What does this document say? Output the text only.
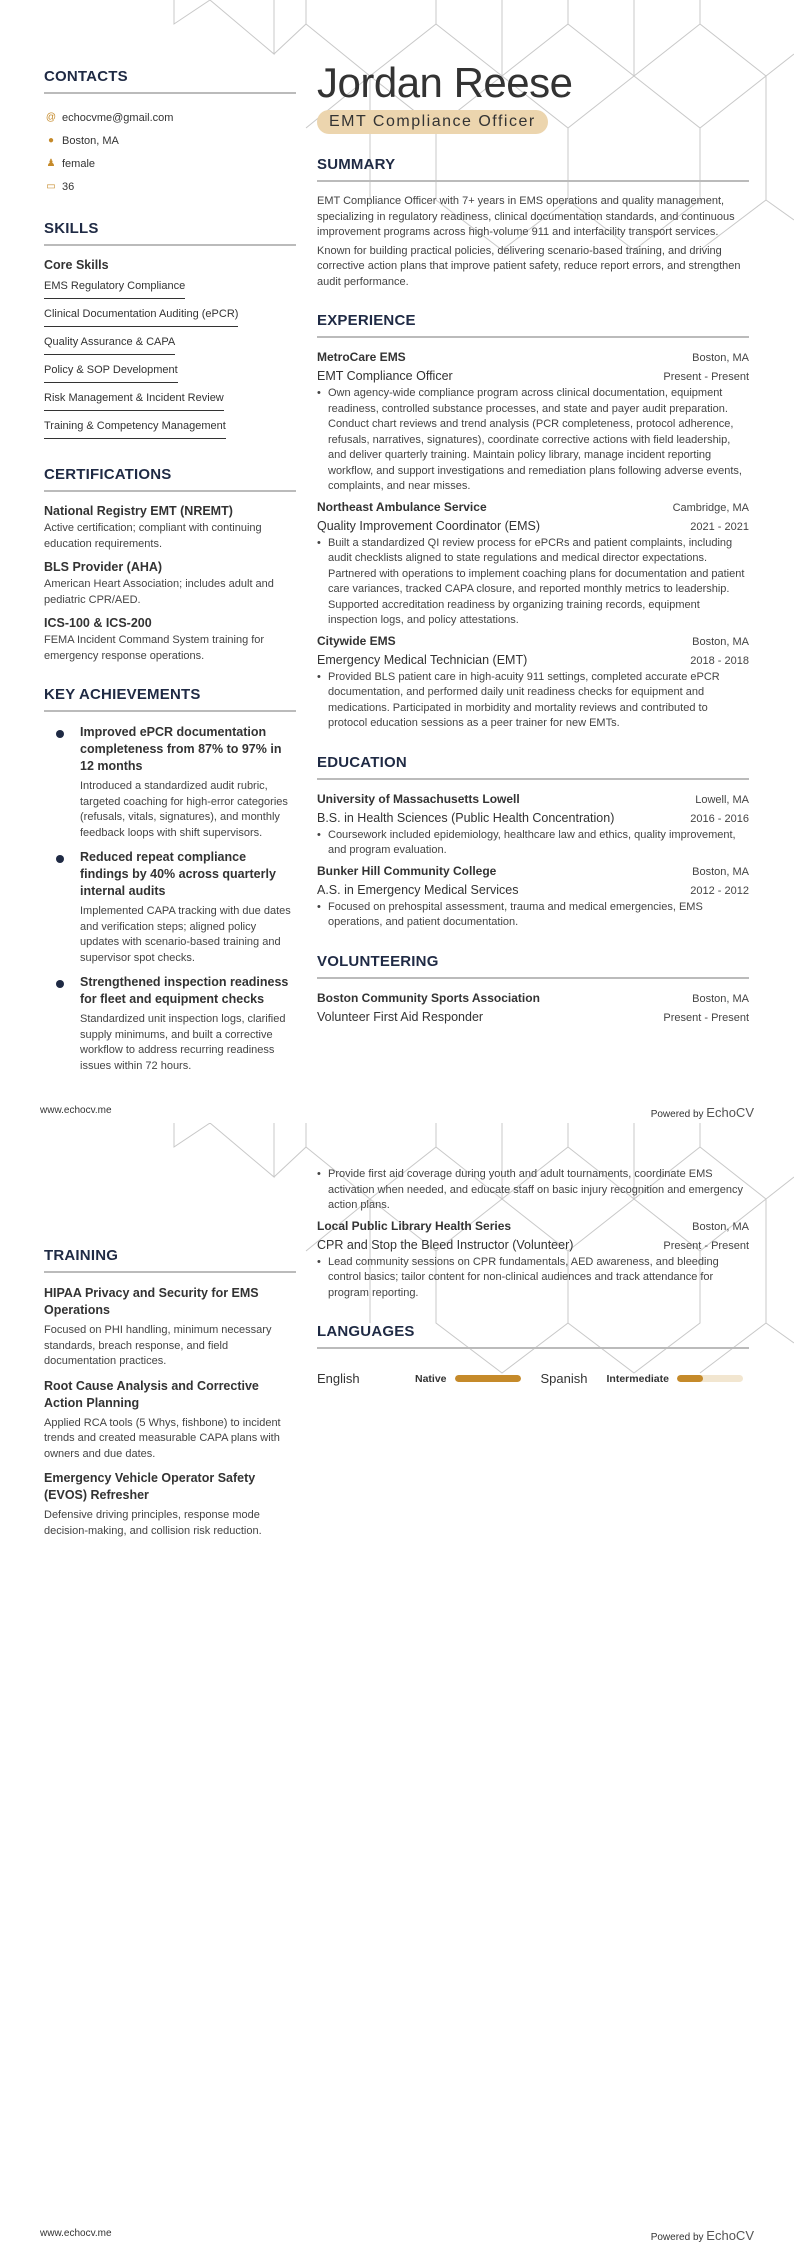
CONTACTS
@ echocvme@gmail.com
● Boston, MA
♟ female
▭ 36
SKILLS
Core Skills
EMS Regulatory Compliance
Clinical Documentation Auditing (ePCR)
Quality Assurance & CAPA
Policy & SOP Development
Risk Management & Incident Review
Training & Competency Management
CERTIFICATIONS
National Registry EMT (NREMT)
Active certification; compliant with continuing education requirements.
BLS Provider (AHA)
American Heart Association; includes adult and pediatric CPR/AED.
ICS-100 & ICS-200
FEMA Incident Command System training for emergency response operations.
KEY ACHIEVEMENTS
Improved ePCR documentation completeness from 87% to 97% in 12 months
Introduced a standardized audit rubric, targeted coaching for high-error categories (refusals, vitals, signatures), and monthly feedback loops with shift supervisors.
Reduced repeat compliance findings by 40% across quarterly internal audits
Implemented CAPA tracking with due dates and verification steps; aligned policy updates with scenario-based training and supervisor spot checks.
Strengthened inspection readiness for fleet and equipment checks
Standardized unit inspection logs, clarified supply minimums, and built a corrective workflow to address recurring readiness issues within 72 hours.
Jordan Reese
EMT Compliance Officer
SUMMARY
EMT Compliance Officer with 7+ years in EMS operations and quality management, specializing in regulatory readiness, clinical documentation standards, and continuous improvement programs across high-volume 911 and interfacility transport services.
Known for building practical policies, delivering scenario-based training, and driving corrective action plans that improve patient safety, reduce report errors, and strengthen audit performance.
EXPERIENCE
MetroCare EMS	Boston, MA
EMT Compliance Officer	Present - Present
• Own agency-wide compliance program across clinical documentation, equipment readiness, controlled substance processes, and state and payer audit preparation. Conduct chart reviews and trend analysis (PCR completeness, protocol adherence, refusals, narratives, signatures), coordinate corrective actions with field leadership, and deliver quarterly training. Maintain policy library, manage incident reporting workflow, and support investigations and remediation plans following adverse events, complaints, and near misses.
Northeast Ambulance Service	Cambridge, MA
Quality Improvement Coordinator (EMS)	2021 - 2021
• Built a standardized QI review process for ePCRs and patient complaints, including audit checklists aligned to state regulations and medical director expectations. Partnered with operations to implement coaching plans for documentation and patient care variances, tracked CAPA closure, and reported monthly metrics to leadership. Supported accreditation readiness by organizing training records, equipment inspection logs, and policy attestations.
Citywide EMS	Boston, MA
Emergency Medical Technician (EMT)	2018 - 2018
• Provided BLS patient care in high-acuity 911 settings, completed accurate ePCR documentation, and performed daily unit readiness checks for equipment and medications. Participated in morbidity and mortality reviews and contributed to protocol education sessions as a peer trainer for new EMTs.
EDUCATION
University of Massachusetts Lowell	Lowell, MA
B.S. in Health Sciences (Public Health Concentration)	2016 - 2016
• Coursework included epidemiology, healthcare law and ethics, quality improvement, and program evaluation.
Bunker Hill Community College	Boston, MA
A.S. in Emergency Medical Services	2012 - 2012
• Focused on prehospital assessment, trauma and medical emergencies, EMS operations, and patient documentation.
VOLUNTEERING
Boston Community Sports Association	Boston, MA
Volunteer First Aid Responder	Present - Present
www.echocv.me	Powered by EchoCV
TRAINING
HIPAA Privacy and Security for EMS Operations
Focused on PHI handling, minimum necessary standards, breach response, and field documentation practices.
Root Cause Analysis and Corrective Action Planning
Applied RCA tools (5 Whys, fishbone) to incident trends and created measurable CAPA plans with owners and due dates.
Emergency Vehicle Operator Safety (EVOS) Refresher
Defensive driving principles, response mode decision-making, and collision risk reduction.
• Provide first aid coverage during youth and adult tournaments, coordinate EMS activation when needed, and educate staff on basic injury recognition and emergency action plans.
Local Public Library Health Series	Boston, MA
CPR and Stop the Bleed Instructor (Volunteer)	Present - Present
• Lead community sessions on CPR fundamentals, AED awareness, and bleeding control basics; tailor content for non-clinical audiences and track attendance for program reporting.
LANGUAGES
English	Native	Spanish	Intermediate
www.echocv.me	Powered by EchoCV
